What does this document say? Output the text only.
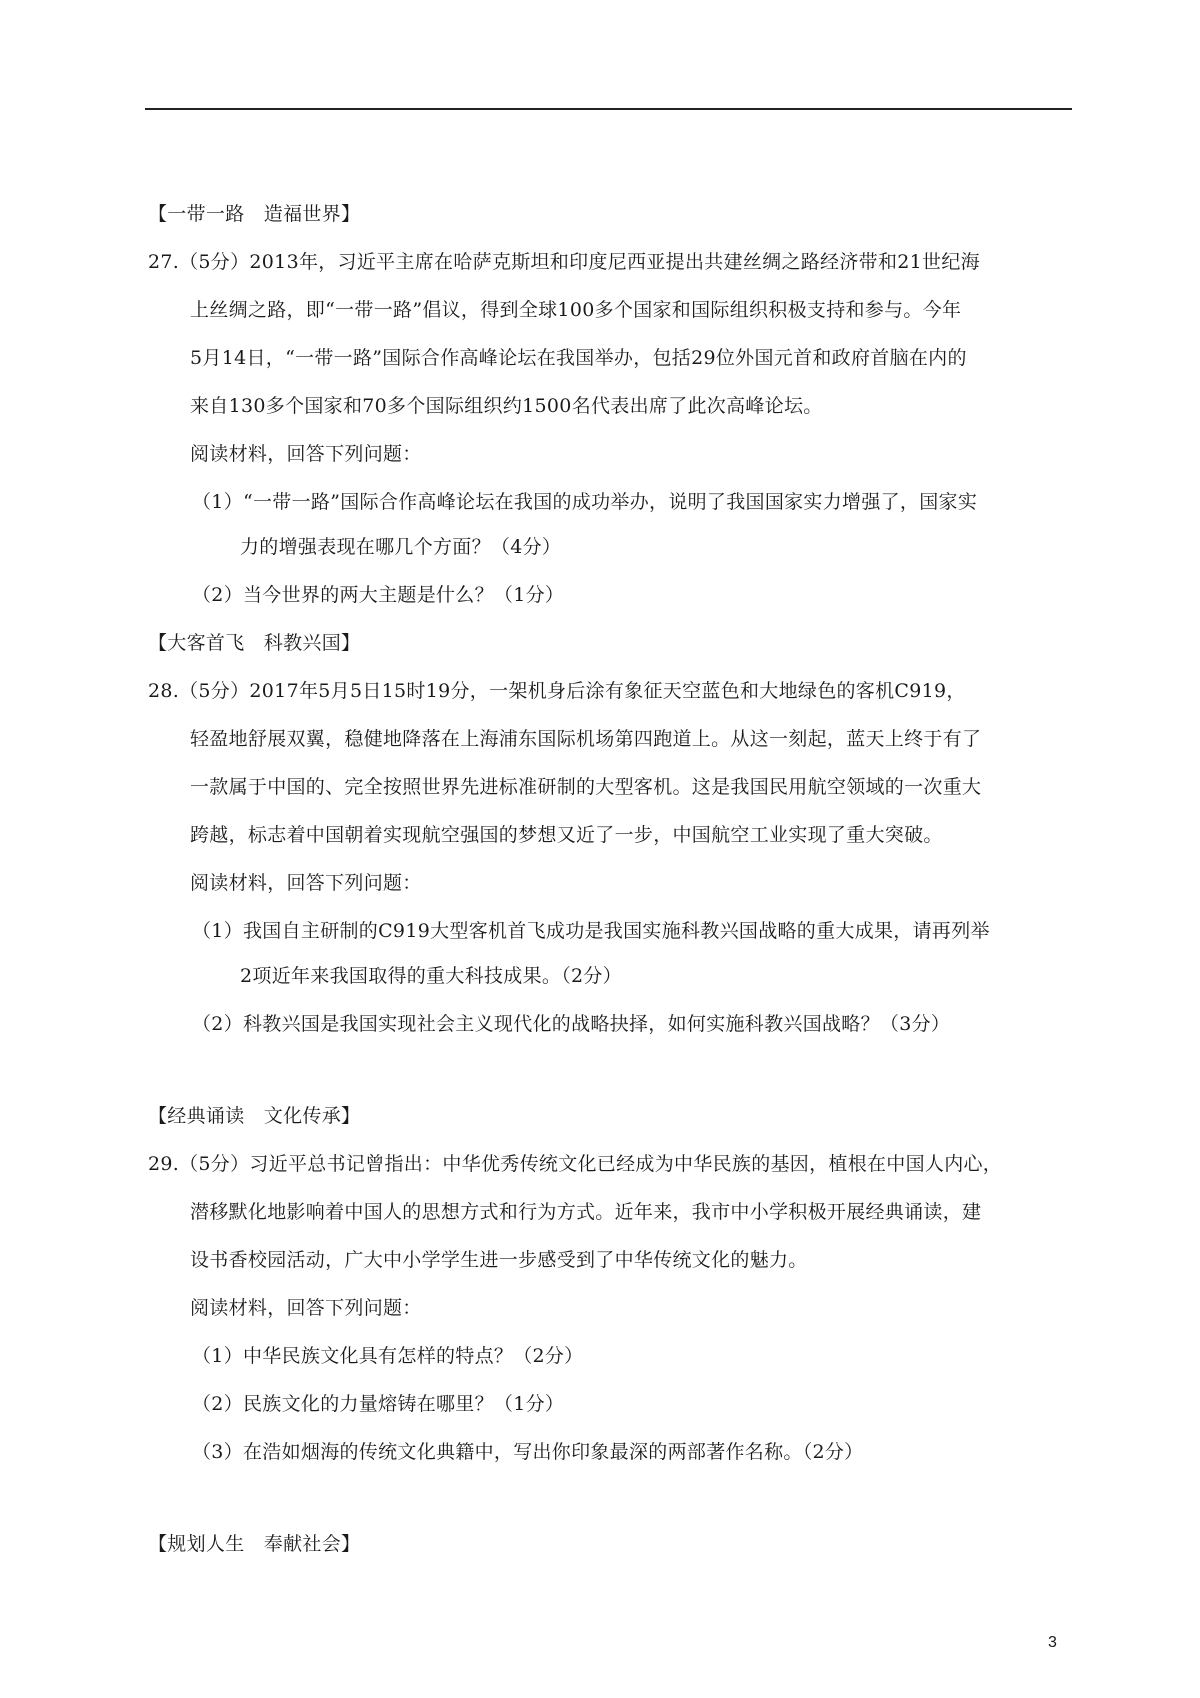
【一带一路　造福世界】
27.（5分）2013年，习近平主席在哈萨克斯坦和印度尼西亚提出共建丝绸之路经济带和21世纪海
上丝绸之路，即“一带一路”倡议，得到全球100多个国家和国际组织积极支持和参与。今年
5月14日，“一带一路”国际合作高峰论坛在我国举办，包括29位外国元首和政府首脑在内的
来自130多个国家和70多个国际组织约1500名代表出席了此次高峰论坛。
阅读材料，回答下列问题：
（1）“一带一路”国际合作高峰论坛在我国的成功举办，说明了我国国家实力增强了，国家实
力的增强表现在哪几个方面？（4分）
（2）当今世界的两大主题是什么？（1分）
【大客首飞　科教兴国】
28.（5分）2017年5月5日15时19分，一架机身后涂有象征天空蓝色和大地绿色的客机C919，
轻盈地舒展双翼，稳健地降落在上海浦东国际机场第四跑道上。从这一刻起，蓝天上终于有了
一款属于中国的、完全按照世界先进标准研制的大型客机。这是我国民用航空领域的一次重大
跨越，标志着中国朝着实现航空强国的梦想又近了一步，中国航空工业实现了重大突破。
阅读材料，回答下列问题：
（1）我国自主研制的C919大型客机首飞成功是我国实施科教兴国战略的重大成果，请再列举
2项近年来我国取得的重大科技成果。（2分）
（2）科教兴国是我国实现社会主义现代化的战略抉择，如何实施科教兴国战略？（3分）
【经典诵读　文化传承】
29.（5分）习近平总书记曾指出：中华优秀传统文化已经成为中华民族的基因，植根在中国人内心，
潜移默化地影响着中国人的思想方式和行为方式。近年来，我市中小学积极开展经典诵读，建
设书香校园活动，广大中小学学生进一步感受到了中华传统文化的魅力。
阅读材料，回答下列问题：
（1）中华民族文化具有怎样的特点？（2分）
（2）民族文化的力量熔铸在哪里？（1分）
（3）在浩如烟海的传统文化典籍中，写出你印象最深的两部著作名称。（2分）
【规划人生　奉献社会】
3
